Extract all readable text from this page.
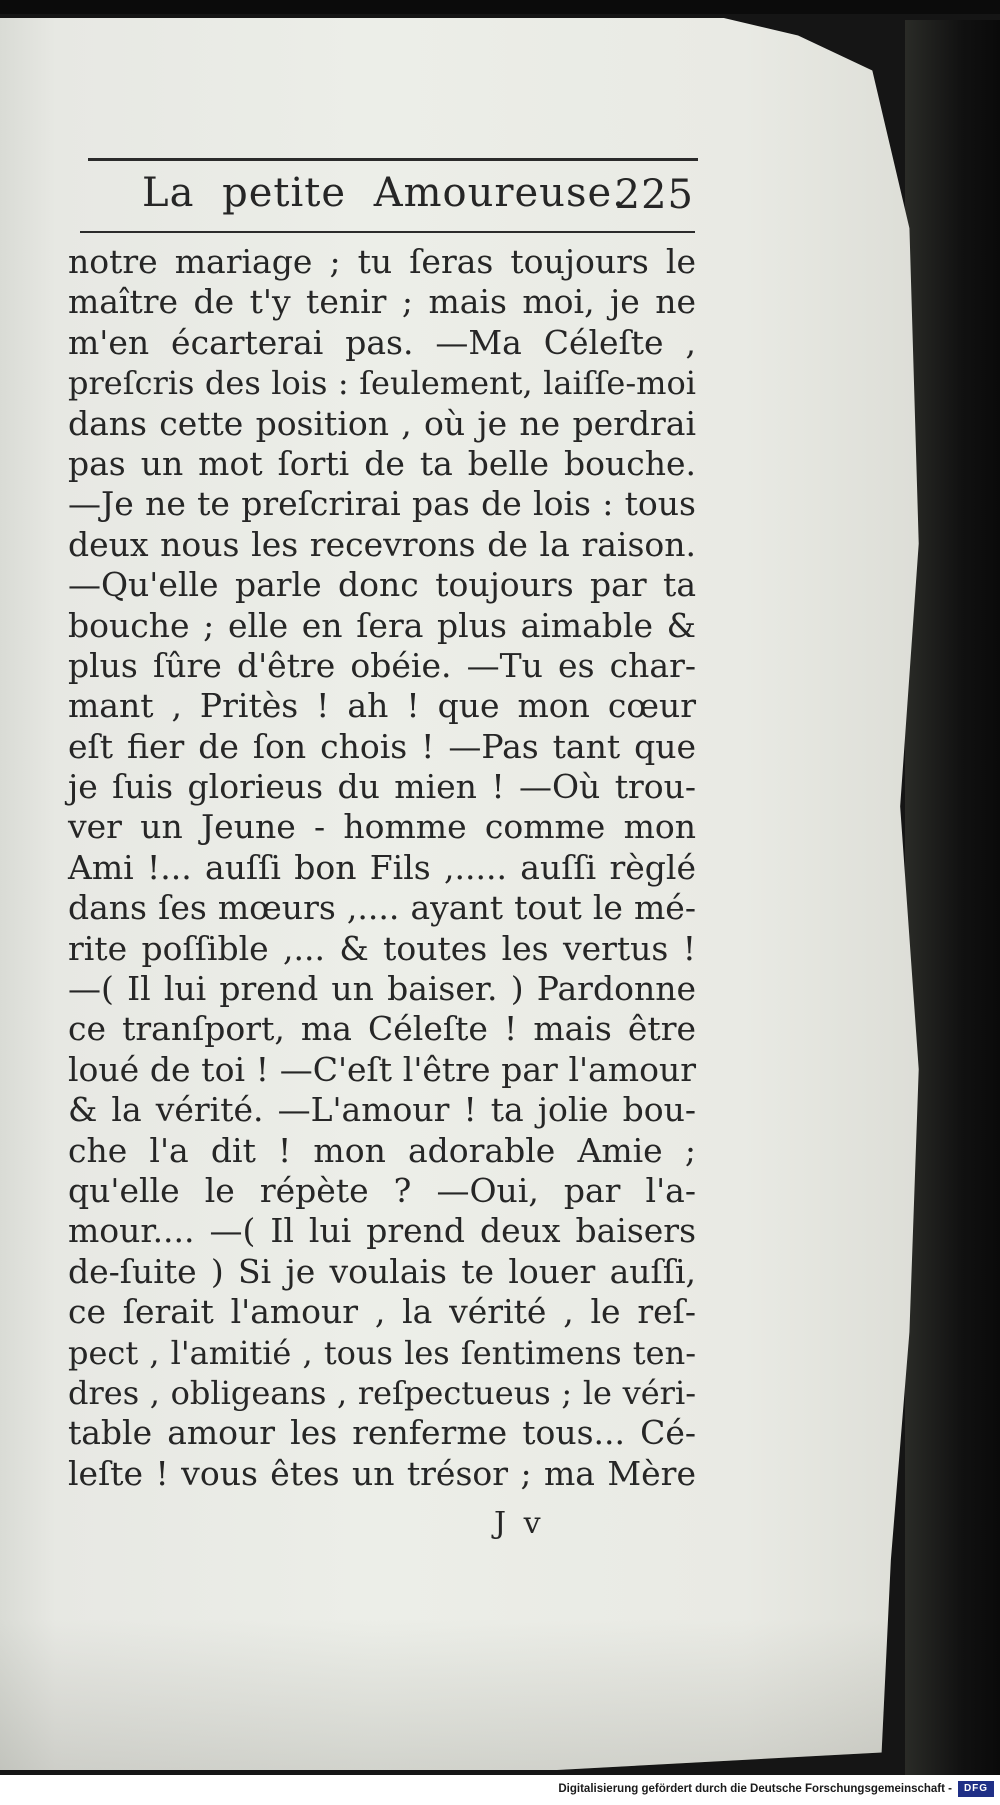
La petite Amoureuse.
225
notre mariage ; tu ſeras toujours le
maître de t'y tenir ; mais moi, je ne
m'en écarterai pas. —Ma Céleſte ,
preſcris des lois : ſeulement, laiſſe-moi
dans cette position , où je ne perdrai
pas un mot ſorti de ta belle bouche.
—Je ne te preſcrirai pas de lois : tous
deux nous les recevrons de la raison.
—Qu'elle parle donc toujours par ta
bouche ; elle en ſera plus aimable &
plus ſûre d'être obéie. —Tu es char-
mant , Pritès ! ah ! que mon cœur
eſt fier de ſon chois ! —Pas tant que
je ſuis glorieus du mien ! —Où trou-
ver un Jeune - homme comme mon
Ami !... auſſi bon Fils ,..... auſſi règlé
dans ſes mœurs ,.... ayant tout le mé-
rite poſſible ,... & toutes les vertus !
—( Il lui prend un baiser. ) Pardonne
ce tranſport, ma Céleſte ! mais être
loué de toi ! —C'eſt l'être par l'amour
& la vérité. —L'amour ! ta jolie bou-
che l'a dit ! mon adorable Amie ;
qu'elle le répète ? —Oui, par l'a-
mour.... —( Il lui prend deux baisers
de-ſuite ) Si je voulais te louer auſſi,
ce ſerait l'amour , la vérité , le reſ-
pect , l'amitié , tous les ſentimens ten-
dres , obligeans , reſpectueus ; le véri-
table amour les renferme tous... Cé-
leſte ! vous êtes un trésor ; ma Mère
J v
Digitalisierung gefördert durch die Deutsche Forschungsgemeinschaft -	DFG
